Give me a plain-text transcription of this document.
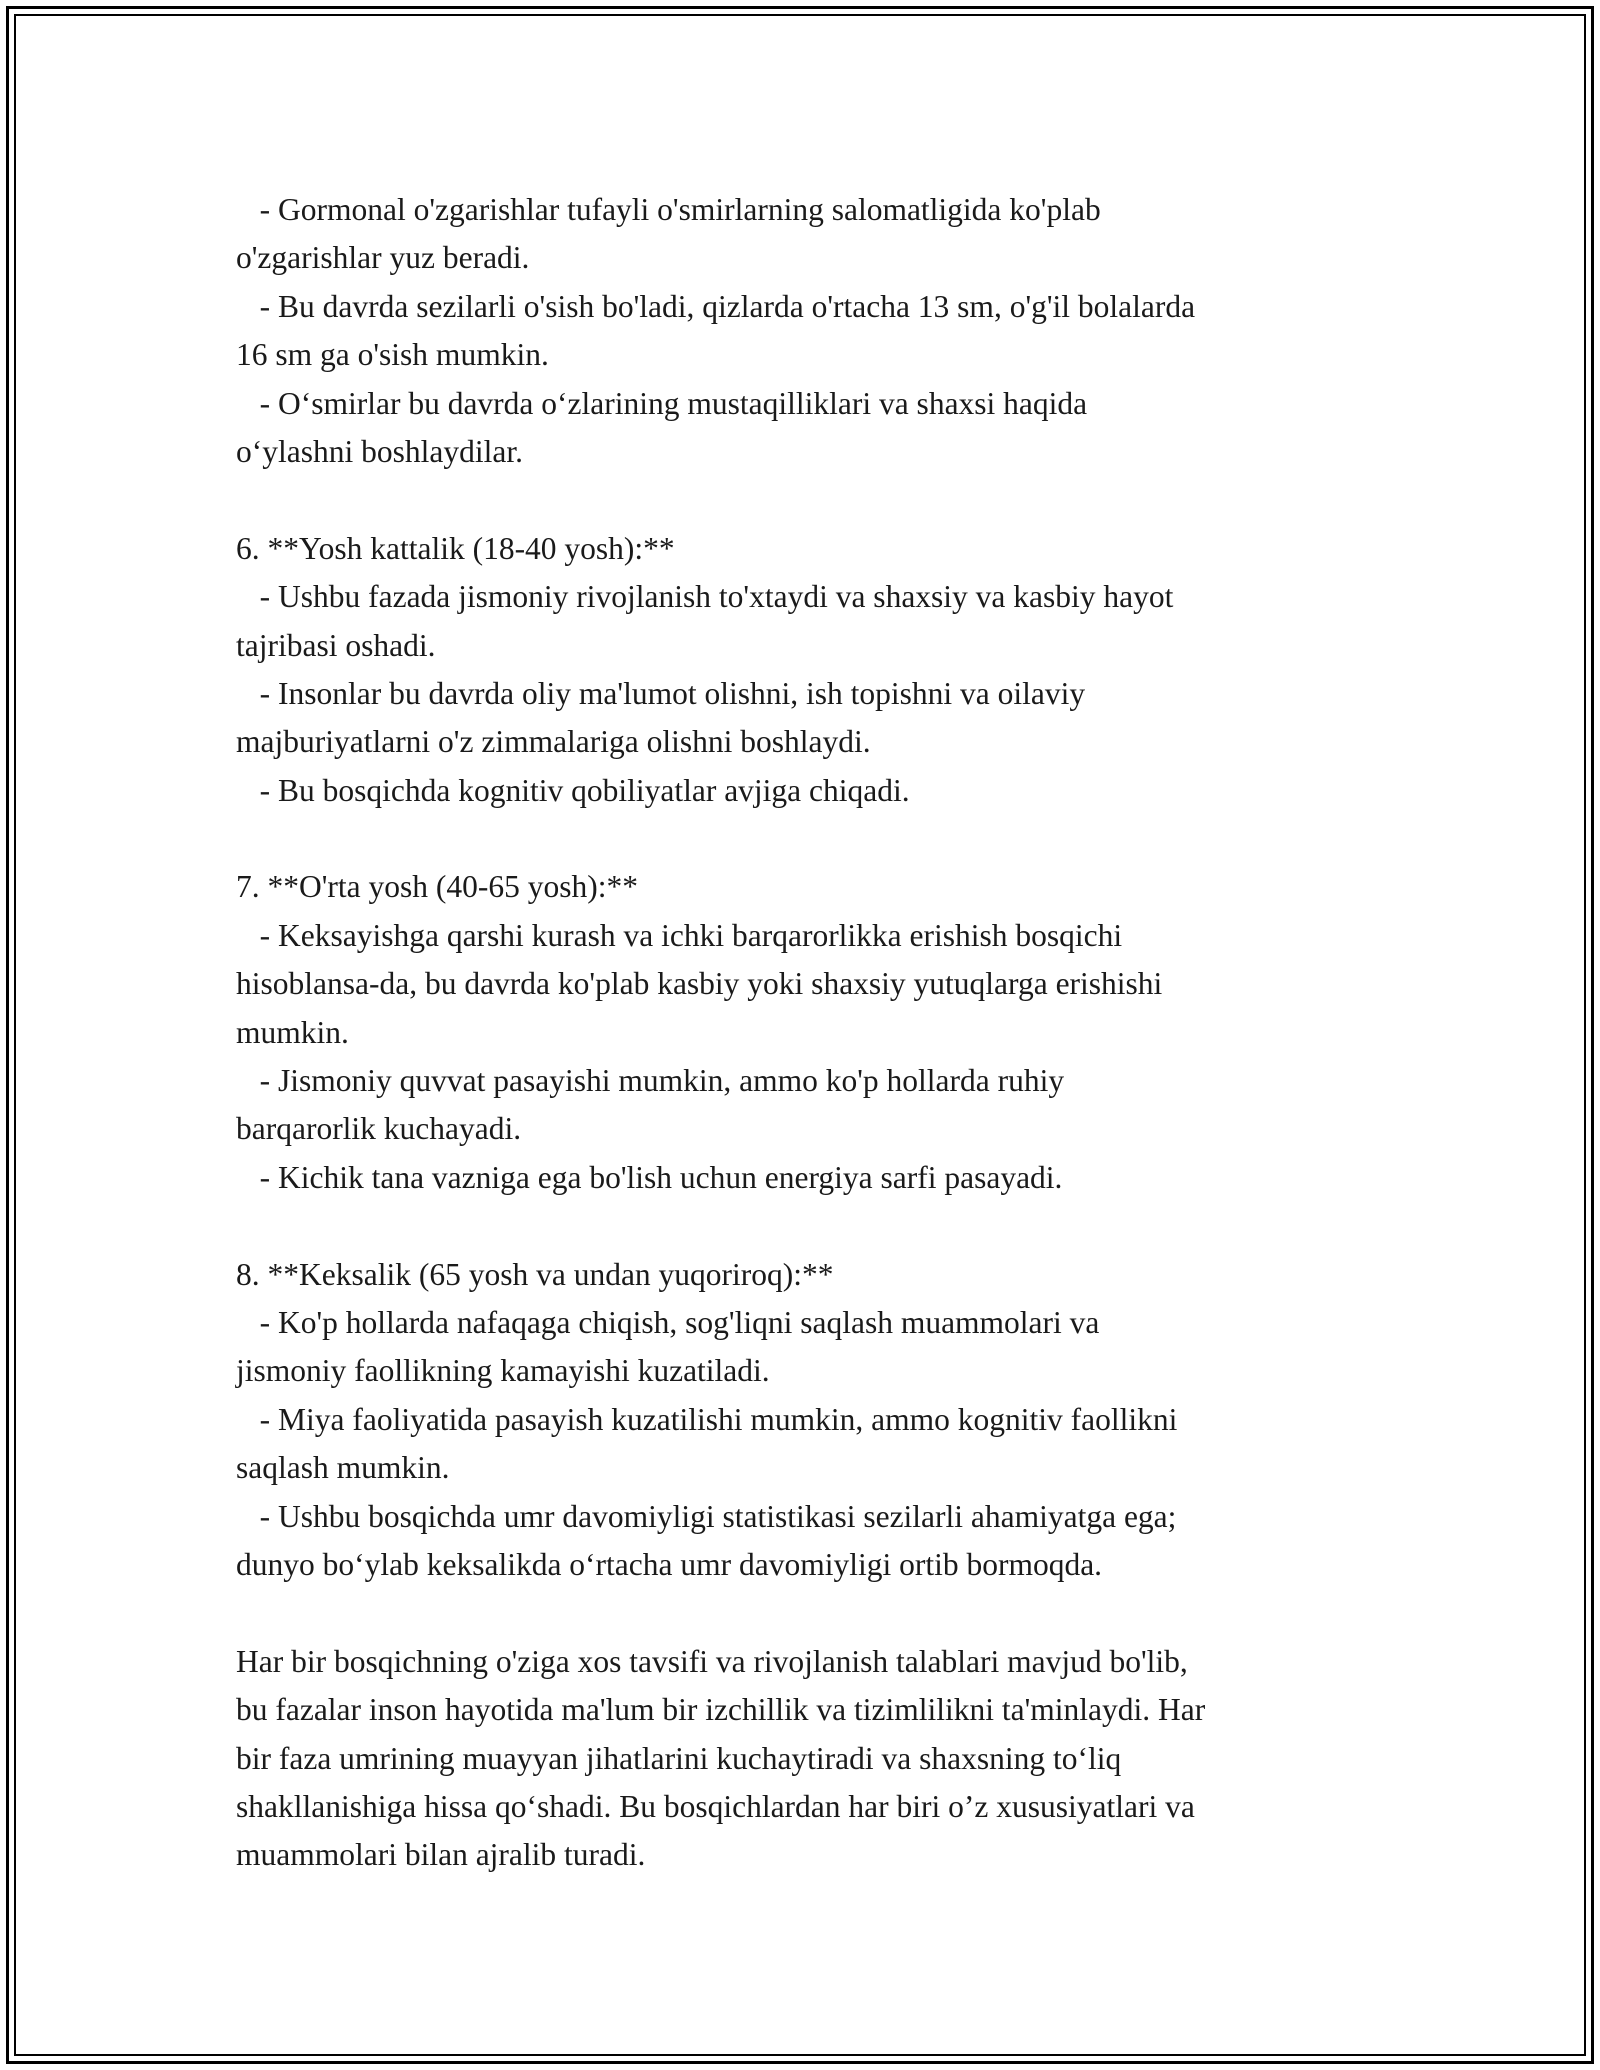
- Gormonal o'zgarishlar tufayli o'smirlarning salomatligida ko'plab
o'zgarishlar yuz beradi.
- Bu davrda sezilarli o'sish bo'ladi, qizlarda o'rtacha 13 sm, o'g'il bolalarda
16 sm ga o'sish mumkin.
- O‘smirlar bu davrda o‘zlarining mustaqilliklari va shaxsi haqida
o‘ylashni boshlaydilar.
6. **Yosh kattalik (18-40 yosh):**
- Ushbu fazada jismoniy rivojlanish to'xtaydi va shaxsiy va kasbiy hayot
tajribasi oshadi.
- Insonlar bu davrda oliy ma'lumot olishni, ish topishni va oilaviy
majburiyatlarni o'z zimmalariga olishni boshlaydi.
- Bu bosqichda kognitiv qobiliyatlar avjiga chiqadi.
7. **O'rta yosh (40-65 yosh):**
- Keksayishga qarshi kurash va ichki barqarorlikka erishish bosqichi
hisoblansa-da, bu davrda ko'plab kasbiy yoki shaxsiy yutuqlarga erishishi
mumkin.
- Jismoniy quvvat pasayishi mumkin, ammo ko'p hollarda ruhiy
barqarorlik kuchayadi.
- Kichik tana vazniga ega bo'lish uchun energiya sarfi pasayadi.
8. **Keksalik (65 yosh va undan yuqoriroq):**
- Ko'p hollarda nafaqaga chiqish, sog'liqni saqlash muammolari va
jismoniy faollikning kamayishi kuzatiladi.
- Miya faoliyatida pasayish kuzatilishi mumkin, ammo kognitiv faollikni
saqlash mumkin.
- Ushbu bosqichda umr davomiyligi statistikasi sezilarli ahamiyatga ega;
dunyo bo‘ylab keksalikda o‘rtacha umr davomiyligi ortib bormoqda.
Har bir bosqichning o'ziga xos tavsifi va rivojlanish talablari mavjud bo'lib,
bu fazalar inson hayotida ma'lum bir izchillik va tizimlilikni ta'minlaydi. Har
bir faza umrining muayyan jihatlarini kuchaytiradi va shaxsning to‘liq
shakllanishiga hissa qo‘shadi. Bu bosqichlardan har biri o’z xususiyatlari va
muammolari bilan ajralib turadi.
